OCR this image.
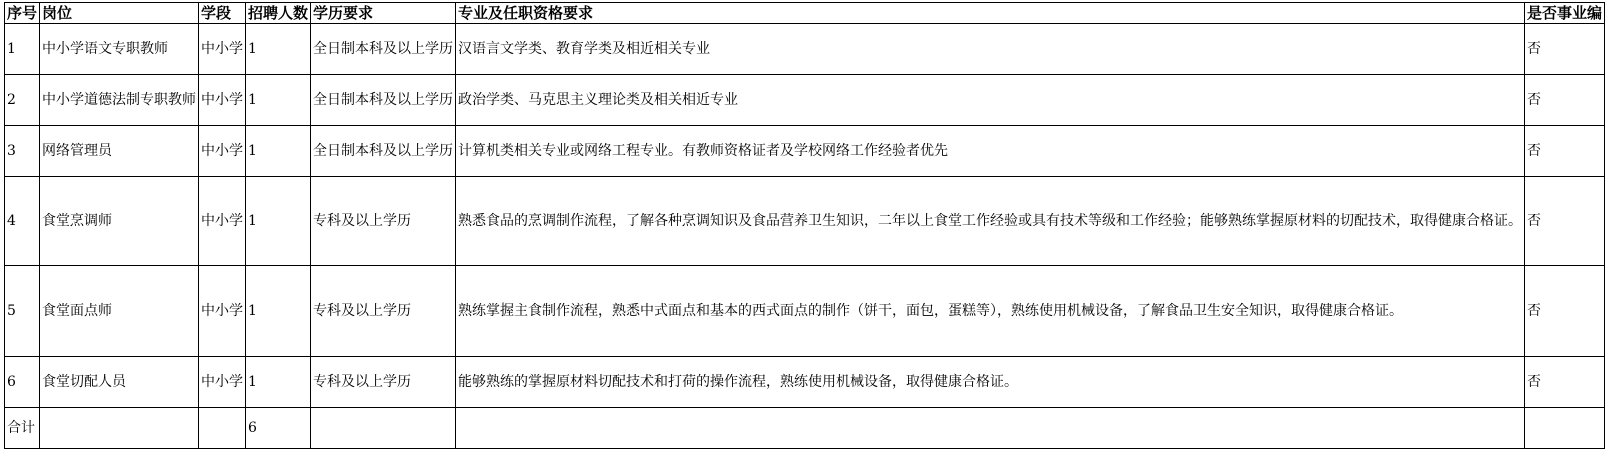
序号	岗位	学段	招聘人数	学历要求	专业及任职资格要求	是否事业编
1	中小学语文专职教师	中小学	1	全日制本科及以上学历	汉语言文学类、教育学类及相近相关专业	否
2	中小学道德法制专职教师	中小学	1	全日制本科及以上学历	政治学类、马克思主义理论类及相关相近专业	否
3	网络管理员	中小学	1	全日制本科及以上学历	计算机类相关专业或网络工程专业。有教师资格证者及学校网络工作经验者优先	否
4	食堂烹调师	中小学	1	专科及以上学历	熟悉食品的烹调制作流程，了解各种烹调知识及食品营养卫生知识，二年以上食堂工作经验或具有技术等级和工作经验；能够熟练掌握原材料的切配技术，取得健康合格证。	否
5	食堂面点师	中小学	1	专科及以上学历	熟练掌握主食制作流程，熟悉中式面点和基本的西式面点的制作（饼干，面包，蛋糕等），熟练使用机械设备，了解食品卫生安全知识，取得健康合格证。	否
6	食堂切配人员	中小学	1	专科及以上学历	能够熟练的掌握原材料切配技术和打荷的操作流程，熟练使用机械设备，取得健康合格证。	否
合计			6			
